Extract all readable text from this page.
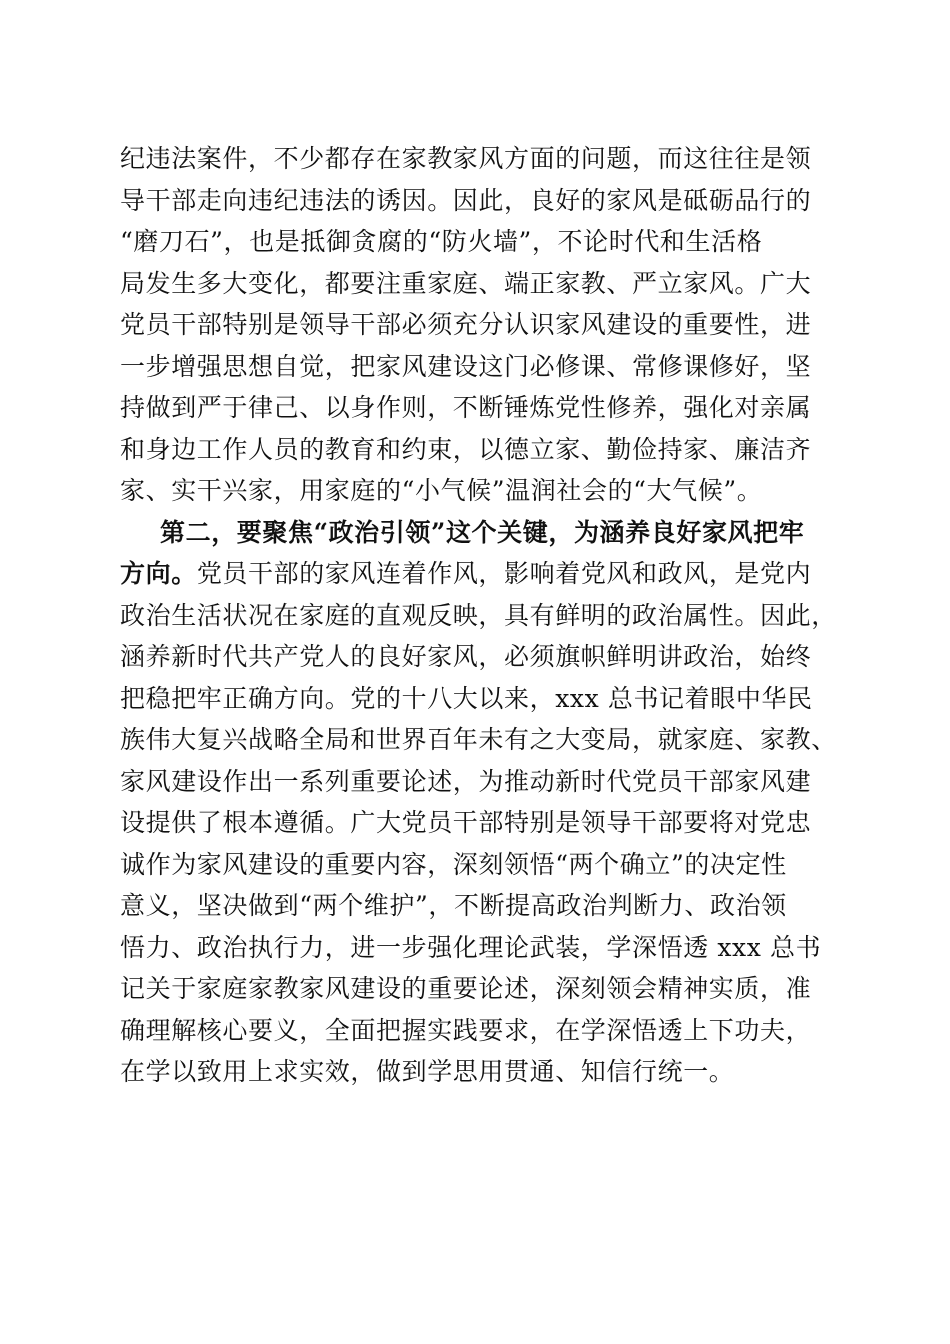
纪违法案件，不少都存在家教家风方面的问题，而这往往是领
导干部走向违纪违法的诱因。因此，良好的家风是砥砺品行的
“磨刀石”，也是抵御贪腐的“防火墙”，不论时代和生活格
局发生多大变化，都要注重家庭、端正家教、严立家风。广大
党员干部特别是领导干部必须充分认识家风建设的重要性，进
一步增强思想自觉，把家风建设这门必修课、常修课修好，坚
持做到严于律己、以身作则，不断锤炼党性修养，强化对亲属
和身边工作人员的教育和约束，以德立家、勤俭持家、廉洁齐
家、实干兴家，用家庭的“小气候”温润社会的“大气候”。
第二，要聚焦“政治引领”这个关键，为涵养良好家风把牢
方向。党员干部的家风连着作风，影响着党风和政风，是党内
政治生活状况在家庭的直观反映，具有鲜明的政治属性。因此，
涵养新时代共产党人的良好家风，必须旗帜鲜明讲政治，始终
把稳把牢正确方向。党的十八大以来，xxx 总书记着眼中华民
族伟大复兴战略全局和世界百年未有之大变局，就家庭、家教、
家风建设作出一系列重要论述，为推动新时代党员干部家风建
设提供了根本遵循。广大党员干部特别是领导干部要将对党忠
诚作为家风建设的重要内容，深刻领悟“两个确立”的决定性
意义，坚决做到“两个维护”，不断提高政治判断力、政治领
悟力、政治执行力，进一步强化理论武装，学深悟透 xxx 总书
记关于家庭家教家风建设的重要论述，深刻领会精神实质，准
确理解核心要义，全面把握实践要求，在学深悟透上下功夫，
在学以致用上求实效，做到学思用贯通、知信行统一。
